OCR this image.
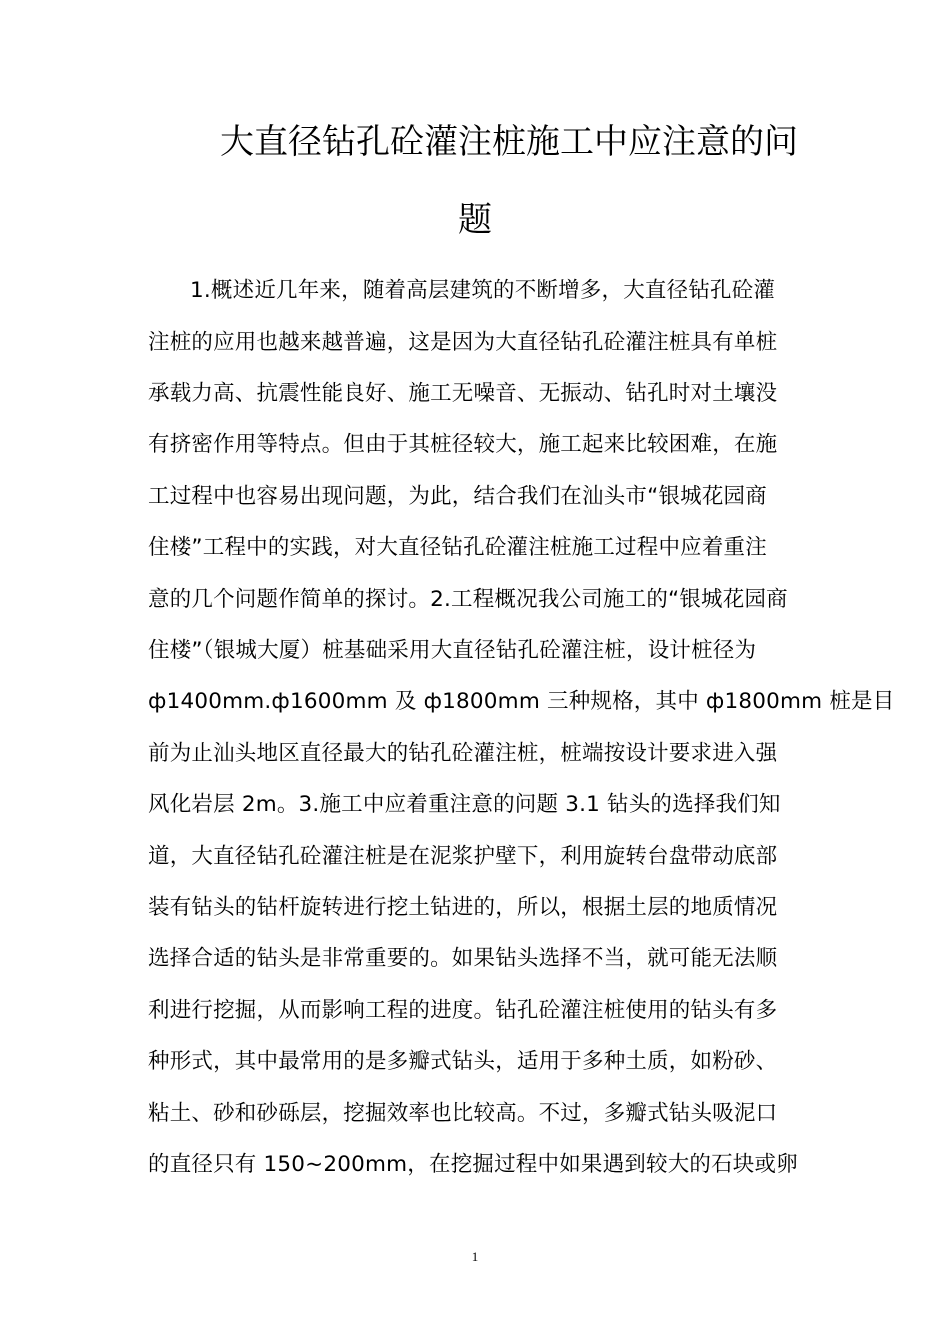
大直径钻孔砼灌注桩施工中应注意的问
题
1.概述近几年来，随着高层建筑的不断增多，大直径钻孔砼灌
注桩的应用也越来越普遍，这是因为大直径钻孔砼灌注桩具有单桩
承载力高、抗震性能良好、施工无噪音、无振动、钻孔时对土壤没
有挤密作用等特点。但由于其桩径较大，施工起来比较困难，在施
工过程中也容易出现问题，为此，结合我们在汕头市“银城花园商
住楼”工程中的实践，对大直径钻孔砼灌注桩施工过程中应着重注
意的几个问题作简单的探讨。2.工程概况我公司施工的“银城花园商
住楼”（银城大厦）桩基础采用大直径钻孔砼灌注桩，设计桩径为
ф1400mm.ф1600mm 及 ф1800mm 三种规格，其中 ф1800mm 桩是目
前为止汕头地区直径最大的钻孔砼灌注桩，桩端按设计要求进入强
风化岩层 2m。3.施工中应着重注意的问题 3.1 钻头的选择我们知
道，大直径钻孔砼灌注桩是在泥浆护壁下，利用旋转台盘带动底部
装有钻头的钻杆旋转进行挖土钻进的，所以，根据土层的地质情况
选择合适的钻头是非常重要的。如果钻头选择不当，就可能无法顺
利进行挖掘，从而影响工程的进度。钻孔砼灌注桩使用的钻头有多
种形式，其中最常用的是多瓣式钻头，适用于多种土质，如粉砂、
粘土、砂和砂砾层，挖掘效率也比较高。不过，多瓣式钻头吸泥口
的直径只有 150~200mm，在挖掘过程中如果遇到较大的石块或卵
1
